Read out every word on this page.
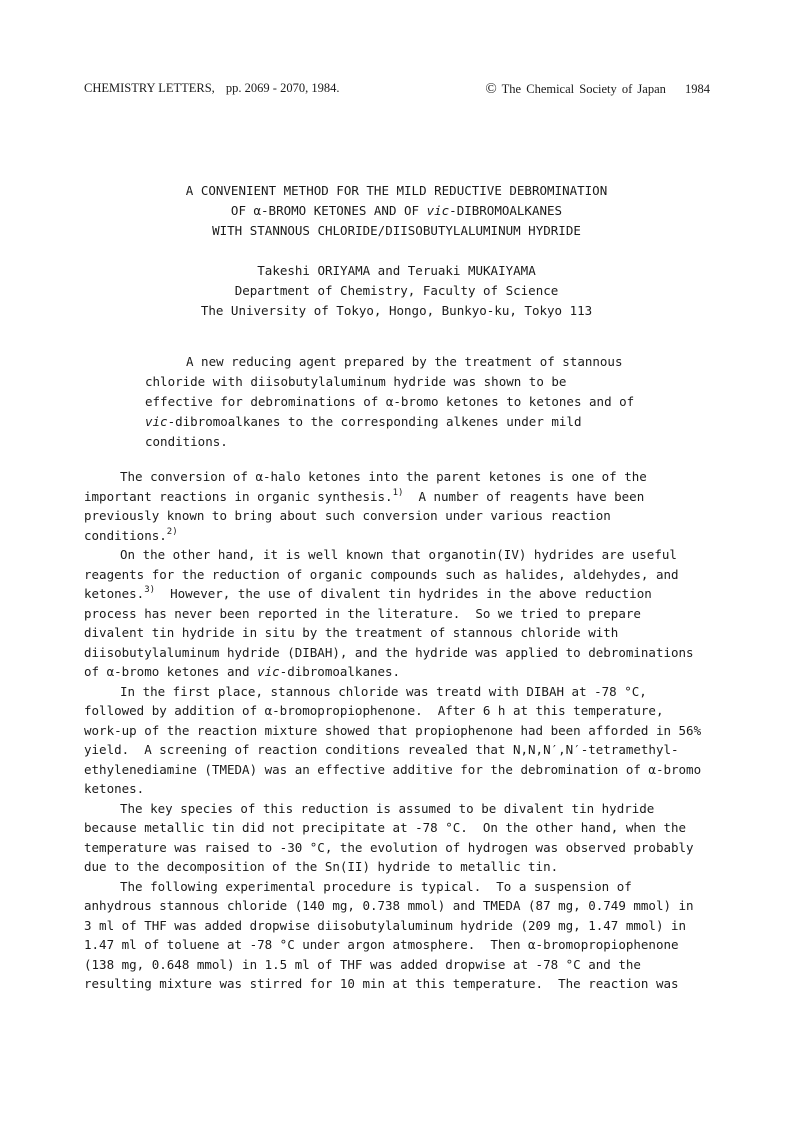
CHEMISTRY LETTERS, pp. 2069 - 2070, 1984.	© The Chemical Society of Japan 1984
A CONVENIENT METHOD FOR THE MILD REDUCTIVE DEBROMINATION
OF α-BROMO KETONES AND OF vic-DIBROMOALKANES
WITH STANNOUS CHLORIDE/DIISOBUTYLALUMINUM HYDRIDE
Takeshi ORIYAMA and Teruaki MUKAIYAMA
Department of Chemistry, Faculty of Science
The University of Tokyo, Hongo, Bunkyo-ku, Tokyo 113
A new reducing agent prepared by the treatment of stannous
chloride with diisobutylaluminum hydride was shown to be
effective for debrominations of α-bromo ketones to ketones and of
vic-dibromoalkanes to the corresponding alkenes under mild
conditions.
The conversion of α-halo ketones into the parent ketones is one of the
important reactions in organic synthesis.$^{1)}$  A number of reagents have been
previously known to bring about such conversion under various reaction
conditions.$^{2)}$
On the other hand, it is well known that organotin(IV) hydrides are useful
reagents for the reduction of organic compounds such as halides, aldehydes, and
ketones.$^{3)}$  However, the use of divalent tin hydrides in the above reduction
process has never been reported in the literature.  So we tried to prepare
divalent tin hydride in situ by the treatment of stannous chloride with
diisobutylaluminum hydride (DIBAH), and the hydride was applied to debrominations
of α-bromo ketones and vic-dibromoalkanes.
In the first place, stannous chloride was treatd with DIBAH at -78 °C,
followed by addition of α-bromopropiophenone.  After 6 h at this temperature,
work-up of the reaction mixture showed that propiophenone had been afforded in 56%
yield.  A screening of reaction conditions revealed that N,N,N′,N′-tetramethyl-
ethylenediamine (TMEDA) was an effective additive for the debromination of α-bromo
ketones.
The key species of this reduction is assumed to be divalent tin hydride
because metallic tin did not precipitate at -78 °C.  On the other hand, when the
temperature was raised to -30 °C, the evolution of hydrogen was observed probably
due to the decomposition of the Sn(II) hydride to metallic tin.
The following experimental procedure is typical.  To a suspension of
anhydrous stannous chloride (140 mg, 0.738 mmol) and TMEDA (87 mg, 0.749 mmol) in
3 ml of THF was added dropwise diisobutylaluminum hydride (209 mg, 1.47 mmol) in
1.47 ml of toluene at -78 °C under argon atmosphere.  Then α-bromopropiophenone
(138 mg, 0.648 mmol) in 1.5 ml of THF was added dropwise at -78 °C and the
resulting mixture was stirred for 10 min at this temperature.  The reaction was
